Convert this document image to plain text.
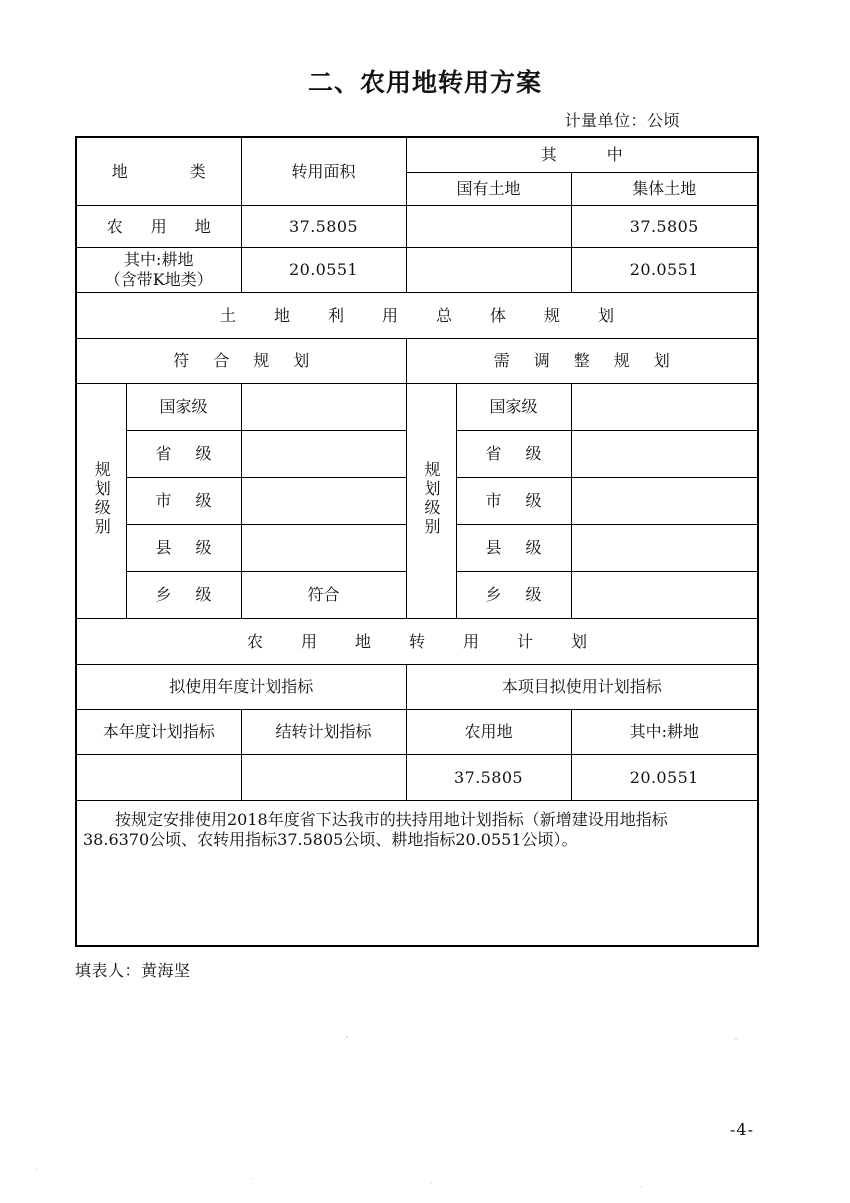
二、农用地转用方案
计量单位：公顷
地　　类		转用面积	其　　中		
			国有土地		集体土地
农　用　地		37.5805			37.5805

其中:耕地
（含带K地类）		20.0551			20.0551
土　地　利　用　总　体　规　划					
符　合　规　划			需　调　整　规　划		
规划级别	国家级		规划级别	国家级	
	省　级			省　级	
	市　级			市　级	
	县　级			县　级	
	乡　级	符合		乡　级	
农　用　地　转　用　计　划					
拟使用年度计划指标			本项目拟使用计划指标		
本年度计划指标		结转计划指标	农用地		其中:耕地
			37.5805		20.0551

按规定安排使用2018年度省下达我市的扶持用地计划指标（新增建设用地指标

38.6370公顷、农转用指标37.5805公顷、耕地指标20.0551公顷）。					

填表人：黄海坚
-4-
